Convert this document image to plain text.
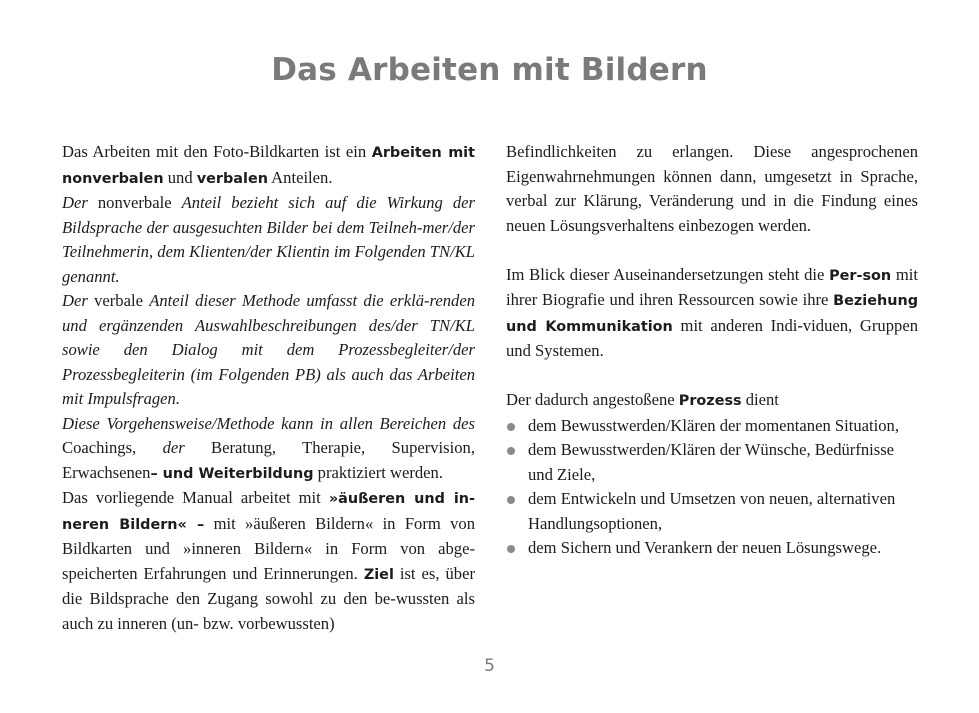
Das Arbeiten mit Bildern

Das Arbeiten mit den Foto-Bildkarten ist ein Arbeiten mit nonverbalen und verbalen Anteilen.

Der nonverbale Anteil bezieht sich auf die Wirkung der Bildsprache der ausgesuchten Bilder bei dem Teilneh-mer/der Teilnehmerin, dem Klienten/der Klientin im Folgenden TN/KL genannt.

Der verbale Anteil dieser Methode umfasst die erklä-renden und ergänzenden Auswahlbeschreibungen des/der TN/KL sowie den Dialog mit dem Prozessbegleiter/der Prozessbegleiterin (im Folgenden PB) als auch das Arbeiten mit Impulsfragen.

Diese Vorgehensweise/Methode kann in allen Bereichen des Coachings, der Beratung, Therapie, Supervision, Erwachsenen– und Weiterbildung praktiziert werden.

Das vorliegende Manual arbeitet mit »äußeren und in-neren Bildern« – mit »äußeren Bildern« in Form von Bildkarten und »inneren Bildern« in Form von abge-speicherten Erfahrungen und Erinnerungen. Ziel ist es, über die Bildsprache den Zugang sowohl zu den be-wussten als auch zu inneren (un- bzw. vorbewussten)

Befindlichkeiten zu erlangen. Diese angesprochenen Eigenwahrnehmungen können dann, umgesetzt in Sprache, verbal zur Klärung, Veränderung und in die Findung eines neuen Lösungsverhaltens einbezogen werden.

Im Blick dieser Auseinandersetzungen steht die Per-son mit ihrer Biografie und ihren Ressourcen sowie ihre Beziehung und Kommunikation mit anderen Indi-viduen, Gruppen und Systemen.

Der dadurch angestoßene Prozess dient

dem Bewusstwerden/Klären der momentanen Situation,
dem Bewusstwerden/Klären der Wünsche, Bedürfnisse und Ziele,
dem Entwickeln und Umsetzen von neuen, alternativen Handlungsoptionen,
dem Sichern und Verankern der neuen Lösungswege.
5
